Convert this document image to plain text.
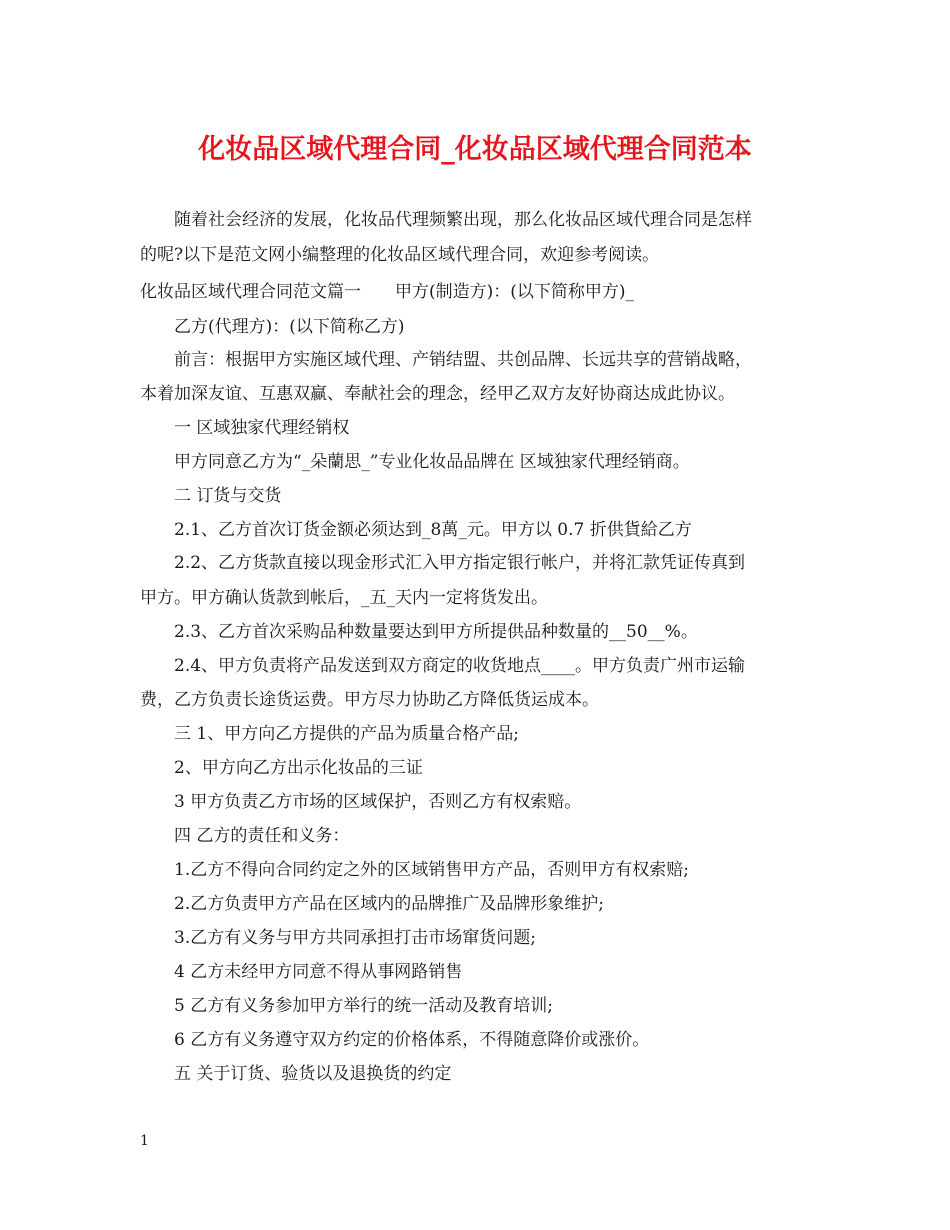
化妆品区域代理合同_化妆品区域代理合同范本
随着社会经济的发展，化妆品代理频繁出现，那么化妆品区域代理合同是怎样
的呢?以下是范文网小编整理的化妆品区域代理合同，欢迎参考阅读。
化妆品区域代理合同范文篇一　　甲方(制造方)：(以下简称甲方)_
乙方(代理方)：(以下简称乙方)
前言：根据甲方实施区域代理、产销结盟、共创品牌、长远共享的营销战略，
本着加深友谊、互惠双赢、奉献社会的理念，经甲乙双方友好协商达成此协议。
一 区域独家代理经销权
甲方同意乙方为“_朵蘭思_”专业化妆品品牌在 区域独家代理经销商。
二 订货与交货
2.1、乙方首次订货金额必须达到_8萬_元。甲方以 0.7 折供貨給乙方
2.2、乙方货款直接以现金形式汇入甲方指定银行帐户，并将汇款凭证传真到
甲方。甲方确认货款到帐后，_五_天内一定将货发出。
2.3、乙方首次采购品种数量要达到甲方所提供品种数量的__50__%。
2.4、甲方负责将产品发送到双方商定的收货地点____。甲方负责广州市运输
费，乙方负责长途货运费。甲方尽力协助乙方降低货运成本。
三 1、甲方向乙方提供的产品为质量合格产品;
2、甲方向乙方出示化妆品的三证
3 甲方负责乙方市场的区域保护，否则乙方有权索赔。
四 乙方的责任和义务：
1.乙方不得向合同约定之外的区域销售甲方产品，否则甲方有权索赔;
2.乙方负责甲方产品在区域内的品牌推广及品牌形象维护;
3.乙方有义务与甲方共同承担打击市场窜货问题;
4 乙方未经甲方同意不得从事网路销售
5 乙方有义务参加甲方举行的统一活动及教育培训;
6 乙方有义务遵守双方约定的价格体系，不得随意降价或涨价。
五 关于订货、验货以及退换货的约定
1
